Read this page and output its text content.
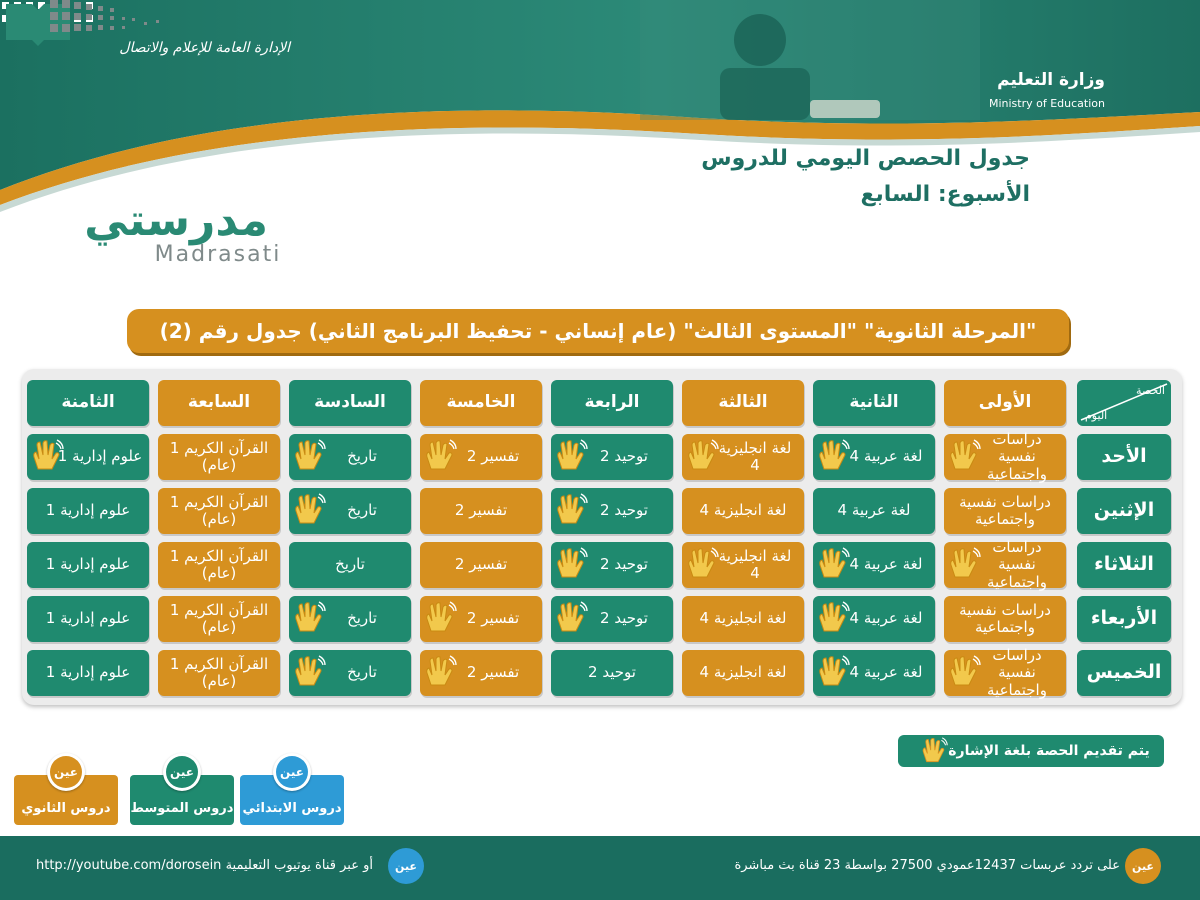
وزارة التعليم
Ministry of Education
الإدارة العامة للإعلام والاتصال
جدول الحصص اليومي للدروس
الأسبوع: السابع
مدرستي
Madrasati
"المرحلة الثانوية" "المستوى الثالث" (عام إنساني - تحفيظ البرنامج الثاني) جدول رقم (2)
الحصة
اليوم
الأولى
الثانية
الثالثة
الرابعة
الخامسة
السادسة
السابعة
الثامنة
الأحد
دراسات نفسية
واجتماعية
لغة عربية 4
لغة انجليزية 4
توحيد 2
تفسير 2
تاريخ
القرآن الكريم 1
(عام)
علوم إدارية 1
الإثنين
دراسات نفسية
واجتماعية
لغة عربية 4
لغة انجليزية 4
توحيد 2
تفسير 2
تاريخ
القرآن الكريم 1
(عام)
علوم إدارية 1
الثلاثاء
دراسات نفسية
واجتماعية
لغة عربية 4
لغة انجليزية 4
توحيد 2
تفسير 2
تاريخ
القرآن الكريم 1
(عام)
علوم إدارية 1
الأربعاء
دراسات نفسية
واجتماعية
لغة عربية 4
لغة انجليزية 4
توحيد 2
تفسير 2
تاريخ
القرآن الكريم 1
(عام)
علوم إدارية 1
الخميس
دراسات نفسية
واجتماعية
لغة عربية 4
لغة انجليزية 4
توحيد 2
تفسير 2
تاريخ
القرآن الكريم 1
(عام)
علوم إدارية 1
يتم تقديم الحصة بلغة الإشارة
عين
دروس الابتدائي
عين
دروس المتوسط
عين
دروس الثانوي
عين
على تردد عربسات 12437عمودي 27500 بواسطة 23 قناة بث مباشرة
عين
http://youtube.com/dorosein أو عبر قناة يوتيوب التعليمية
